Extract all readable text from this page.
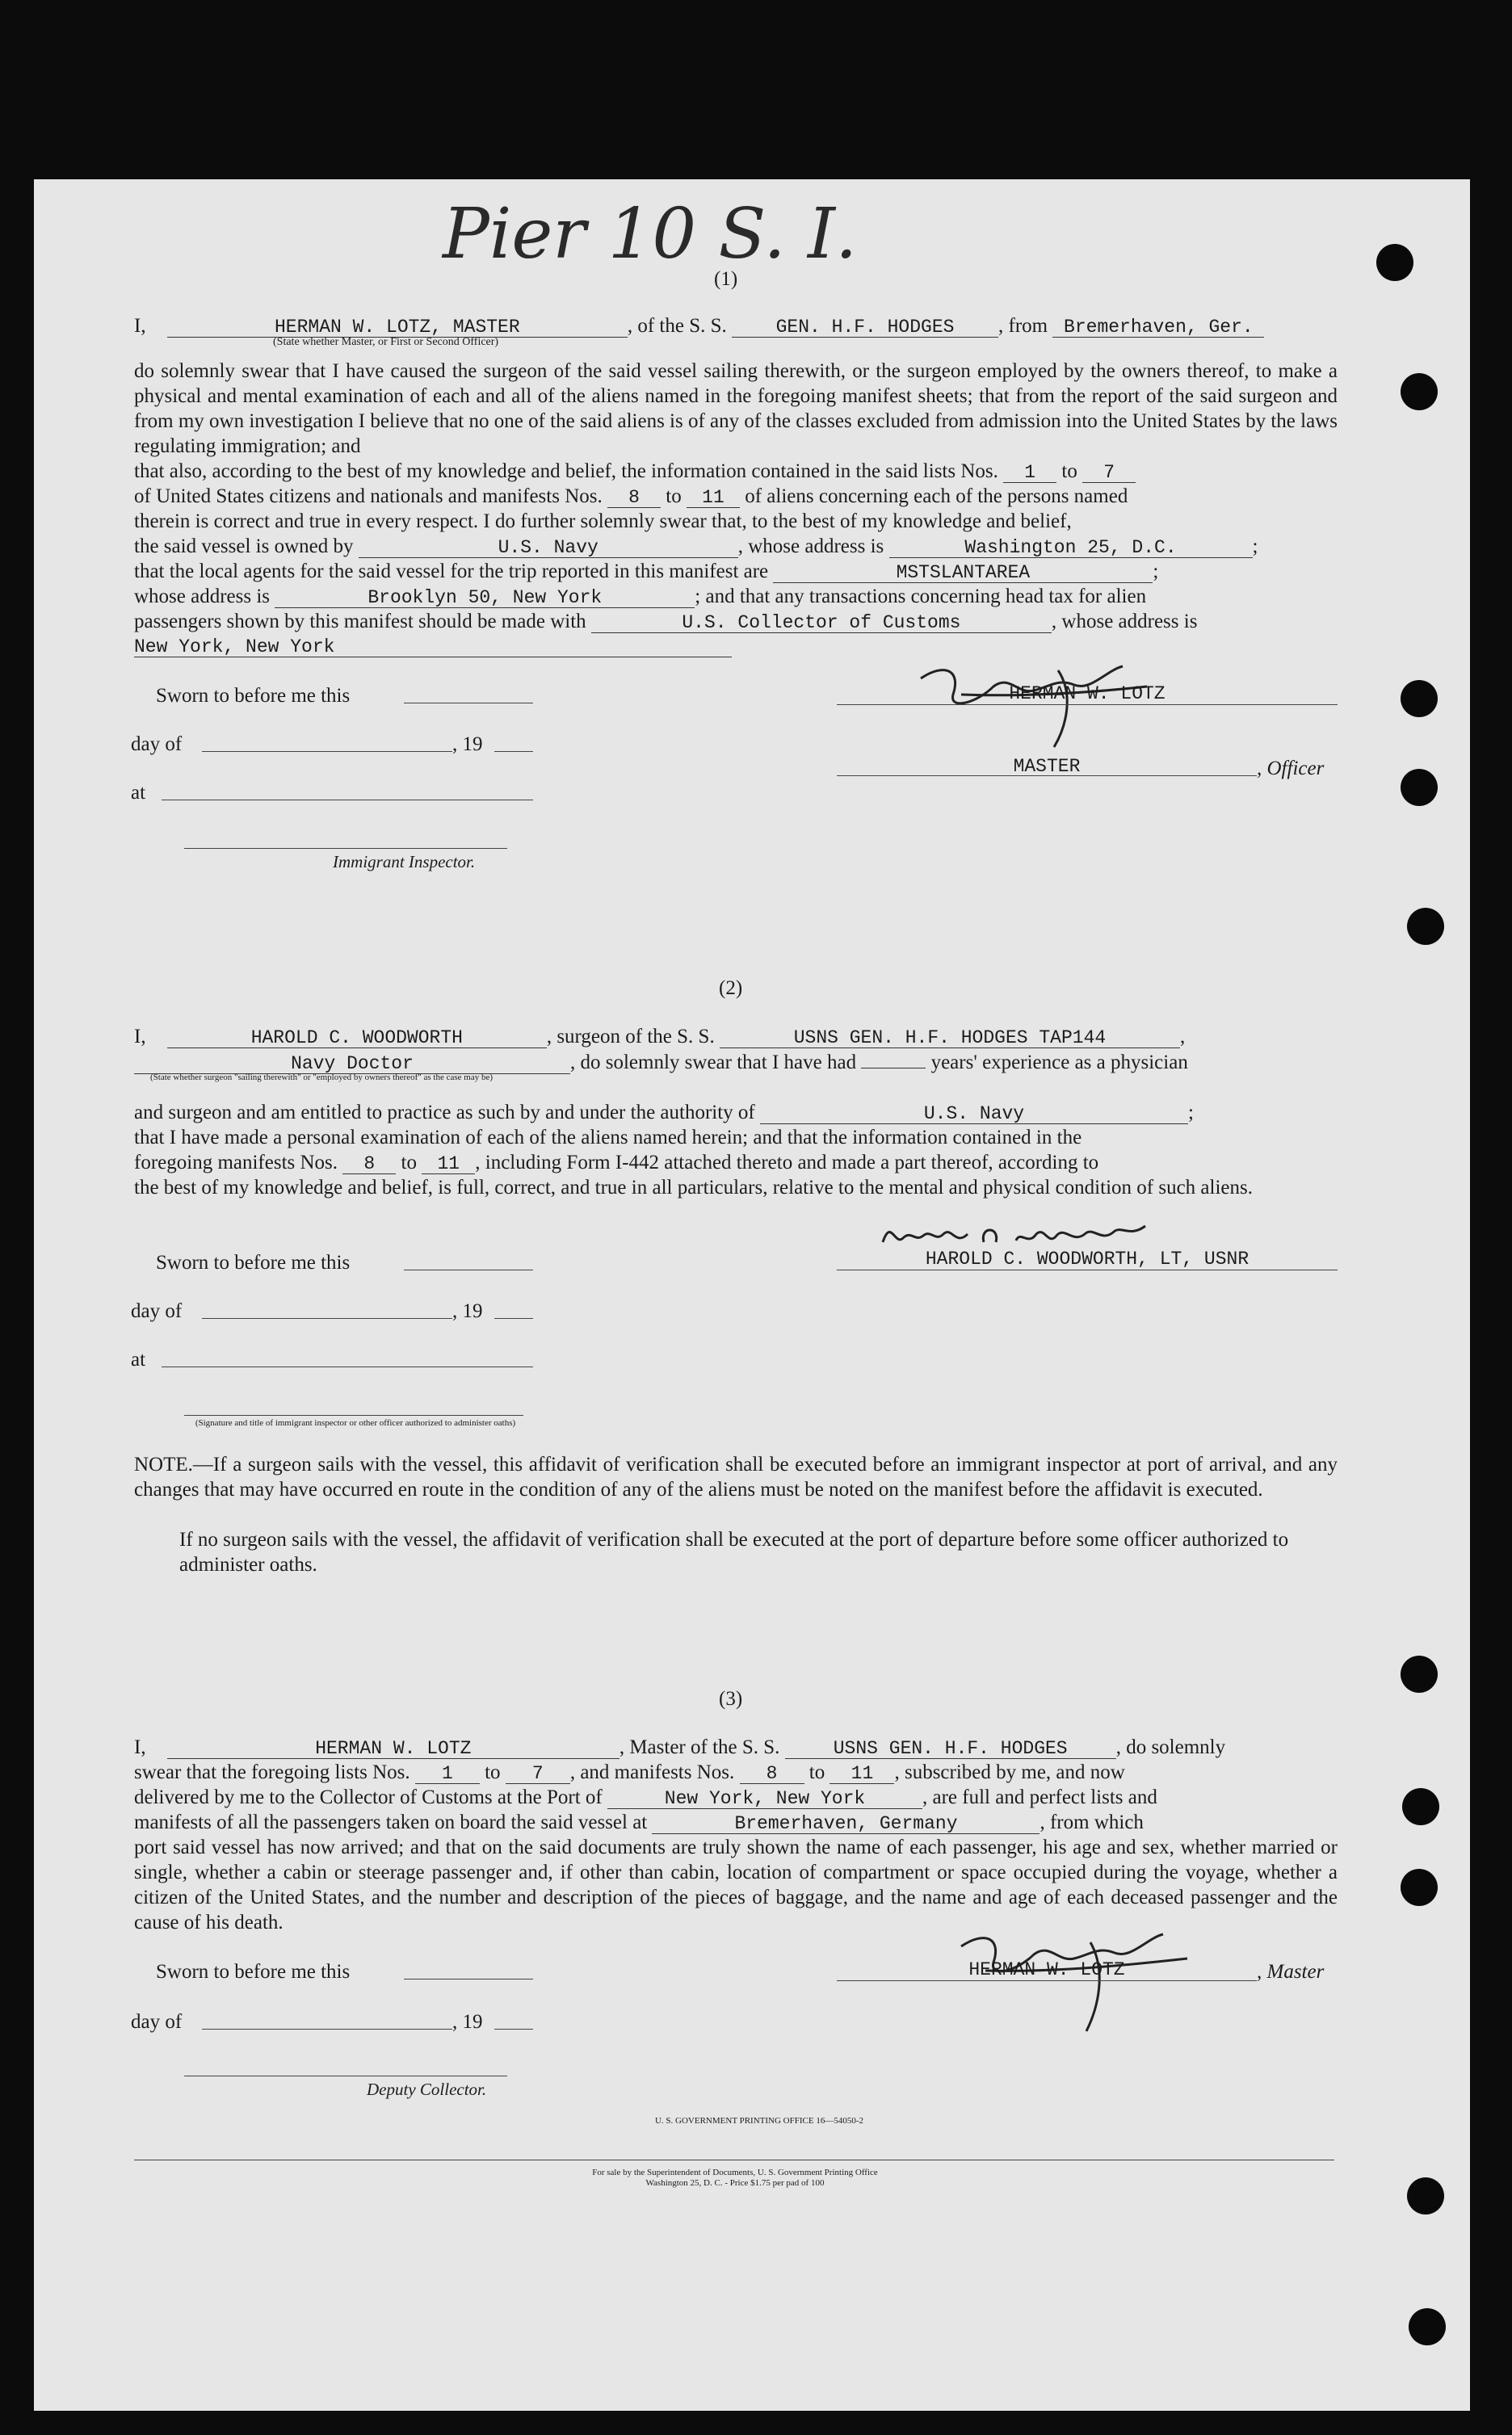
Pier 10 S. I.
(1)
I,	HERMAN W. LOTZ, MASTER	, of the S. S.	GEN. H.F. HODGES , from Bremerhaven, Ger.
(State whether Master, or First or Second Officer)
do solemnly swear that I have caused the surgeon of the said vessel sailing therewith, or the surgeon employed by the owners thereof, to make a physical and mental examination of each and all of the aliens named in the foregoing manifest sheets; that from the report of the said surgeon and from my own investigation I believe that no one of the said aliens is of any of the classes excluded from admission into the United States by the laws regulating immigration; and
that also, according to the best of my knowledge and belief, the information contained in the said lists Nos. 1 to 7
of United States citizens and nationals and manifests Nos. 8 to 11 of aliens concerning each of the persons named
therein is correct and true in every respect. I do further solemnly swear that, to the best of my knowledge and belief,
the said vessel is owned by	U.S. Navy	, whose address is	Washington 25, D.C.	;
that the local agents for the said vessel for the trip reported in this manifest are	MSTSLANTAREA	;
whose address is	Brooklyn 50, New York	; and that any transactions concerning head tax for alien
passengers shown by this manifest should be made with	U.S. Collector of Customs	, whose address is
New York, New York
Sworn to before me this
day of	, 19
at
Immigrant Inspector.
HERMAN W. LOTZ
MASTER	, Officer
(2)
I,	HAROLD C. WOODWORTH	, surgeon of the S. S.	USNS GEN. H.F. HODGES TAP144	,
Navy Doctor	, do solemnly swear that I have had	years' experience as a physician
(State whether surgeon "sailing therewith" or "employed by owners thereof" as the case may be)
and surgeon and am entitled to practice as such by and under the authority of	U.S. Navy	;
that I have made a personal examination of each of the aliens named herein; and that the information contained in the
foregoing manifests Nos. 8 to 11 , including Form I-442 attached thereto and made a part thereof, according to
the best of my knowledge and belief, is full, correct, and true in all particulars, relative to the mental and physical condition of such aliens.
Sworn to before me this
day of	, 19
at
(Signature and title of immigrant inspector or other officer authorized to administer oaths)
HAROLD C. WOODWORTH, LT, USNR
NOTE.—If a surgeon sails with the vessel, this affidavit of verification shall be executed before an immigrant inspector at port of arrival, and any changes that may have occurred en route in the condition of any of the aliens must be noted on the manifest before the affidavit is executed.
If no surgeon sails with the vessel, the affidavit of verification shall be executed at the port of departure before some officer authorized to administer oaths.
(3)
I,	HERMAN W. LOTZ	, Master of the S. S.	USNS GEN. H.F. HODGES , do solemnly
swear that the foregoing lists Nos. 1 to 7 , and manifests Nos. 8 to 11 , subscribed by me, and now
delivered by me to the Collector of Customs at the Port of	New York, New York	, are full and perfect lists and
manifests of all the passengers taken on board the said vessel at	Bremerhaven, Germany	, from which
port said vessel has now arrived; and that on the said documents are truly shown the name of each passenger, his age and sex, whether married or single, whether a cabin or steerage passenger and, if other than cabin, location of compartment or space occupied during the voyage, whether a citizen of the United States, and the number and description of the pieces of baggage, and the name and age of each deceased passenger and the cause of his death.
Sworn to before me this
day of	, 19
Deputy Collector.
HERMAN W. LOTZ	, Master
U. S. GOVERNMENT PRINTING OFFICE 16—54050-2
For sale by the Superintendent of Documents, U. S. Government Printing Office
Washington 25, D. C. - Price $1.75 per pad of 100
